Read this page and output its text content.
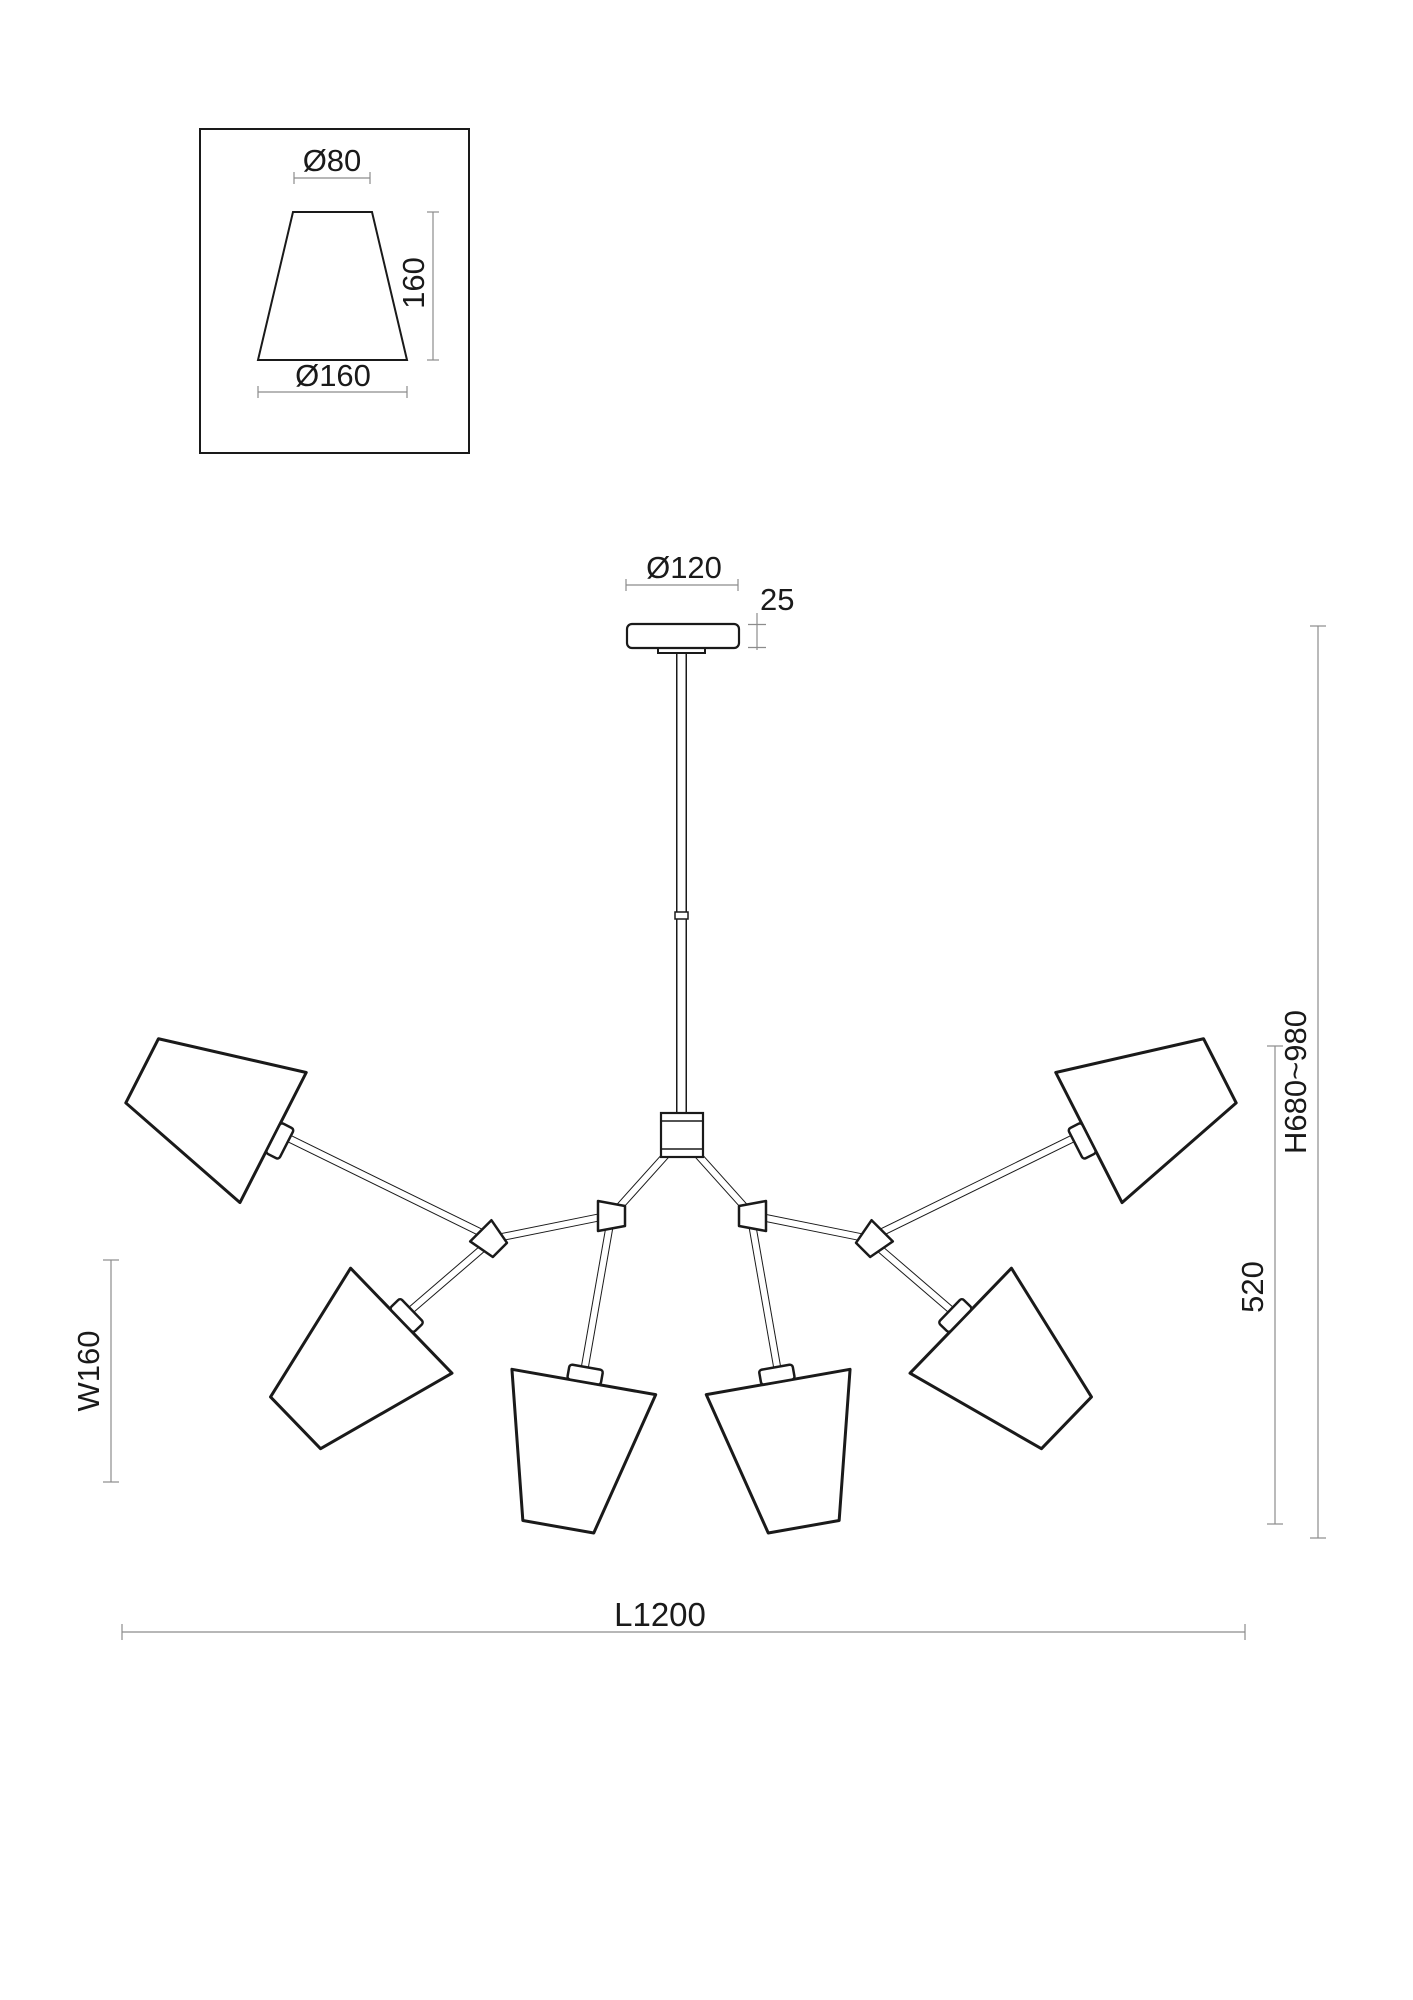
Ø80
Ø160
160
Ø120
25
H680~980
520
W160
L1200
